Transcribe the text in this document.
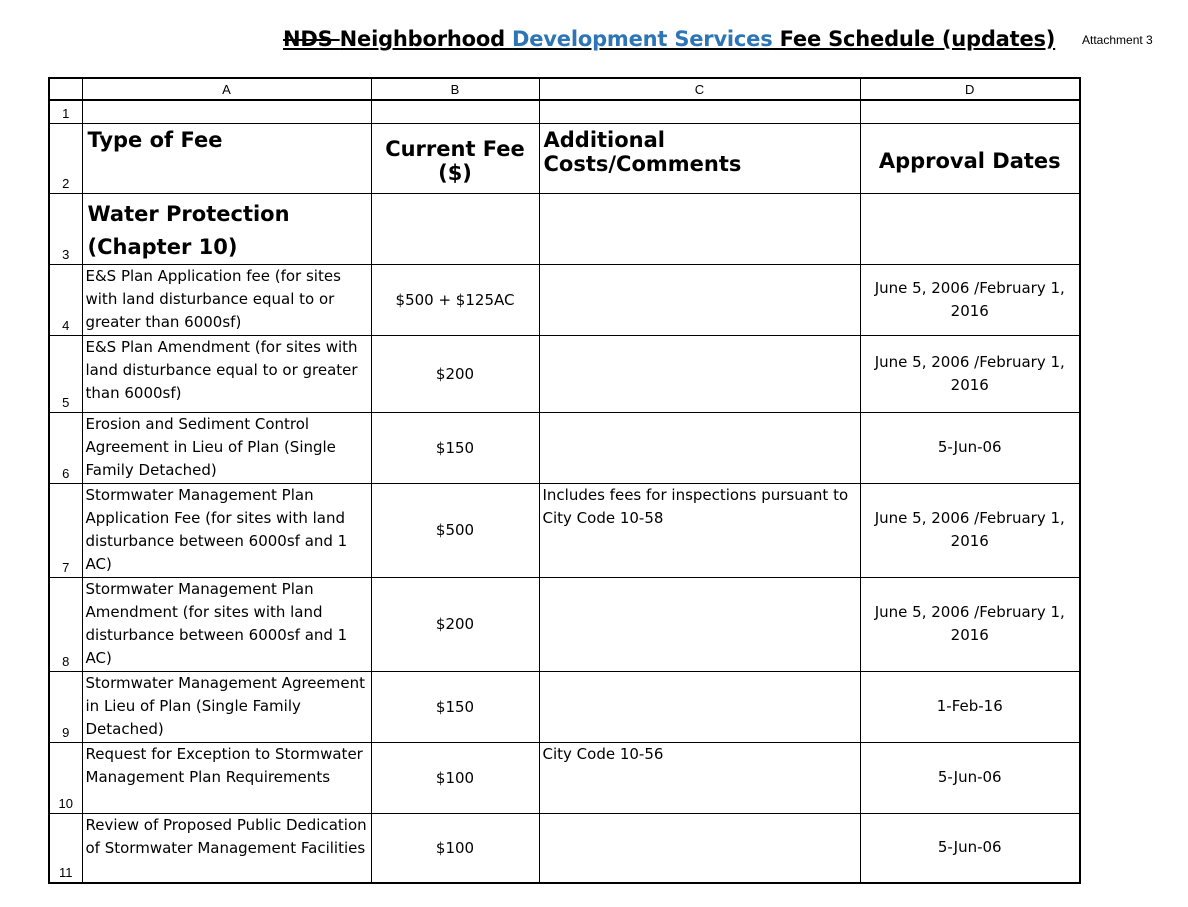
NDS Neighborhood Development Services Fee Schedule (updates) Attachment 3
	A	B	C	D
1				
2	Type of Fee	Current Fee ($)	Additional Costs/Comments	Approval Dates
3	Water Protection (Chapter 10)			
4	E&S Plan Application fee (for sites with land disturbance equal to or greater than 6000sf)	$500 + $125AC		June 5, 2006 /February 1, 2016
5	E&S Plan Amendment (for sites with land disturbance equal to or greater than 6000sf)	$200		June 5, 2006 /February 1, 2016
6	Erosion and Sediment Control Agreement in Lieu of Plan (Single Family Detached)	$150		5-Jun-06
7	Stormwater Management Plan Application Fee (for sites with land disturbance between 6000sf and 1 AC)	$500	Includes fees for inspections pursuant to City Code 10-58	June 5, 2006 /February 1, 2016
8	Stormwater Management Plan Amendment (for sites with land disturbance between 6000sf and 1 AC)	$200		June 5, 2006 /February 1, 2016
9	Stormwater Management Agreement in Lieu of Plan (Single Family Detached)	$150		1-Feb-16
10	Request for Exception to Stormwater Management Plan Requirements	$100	City Code 10-56	5-Jun-06
11	Review of Proposed Public Dedication of Stormwater Management Facilities	$100		5-Jun-06
